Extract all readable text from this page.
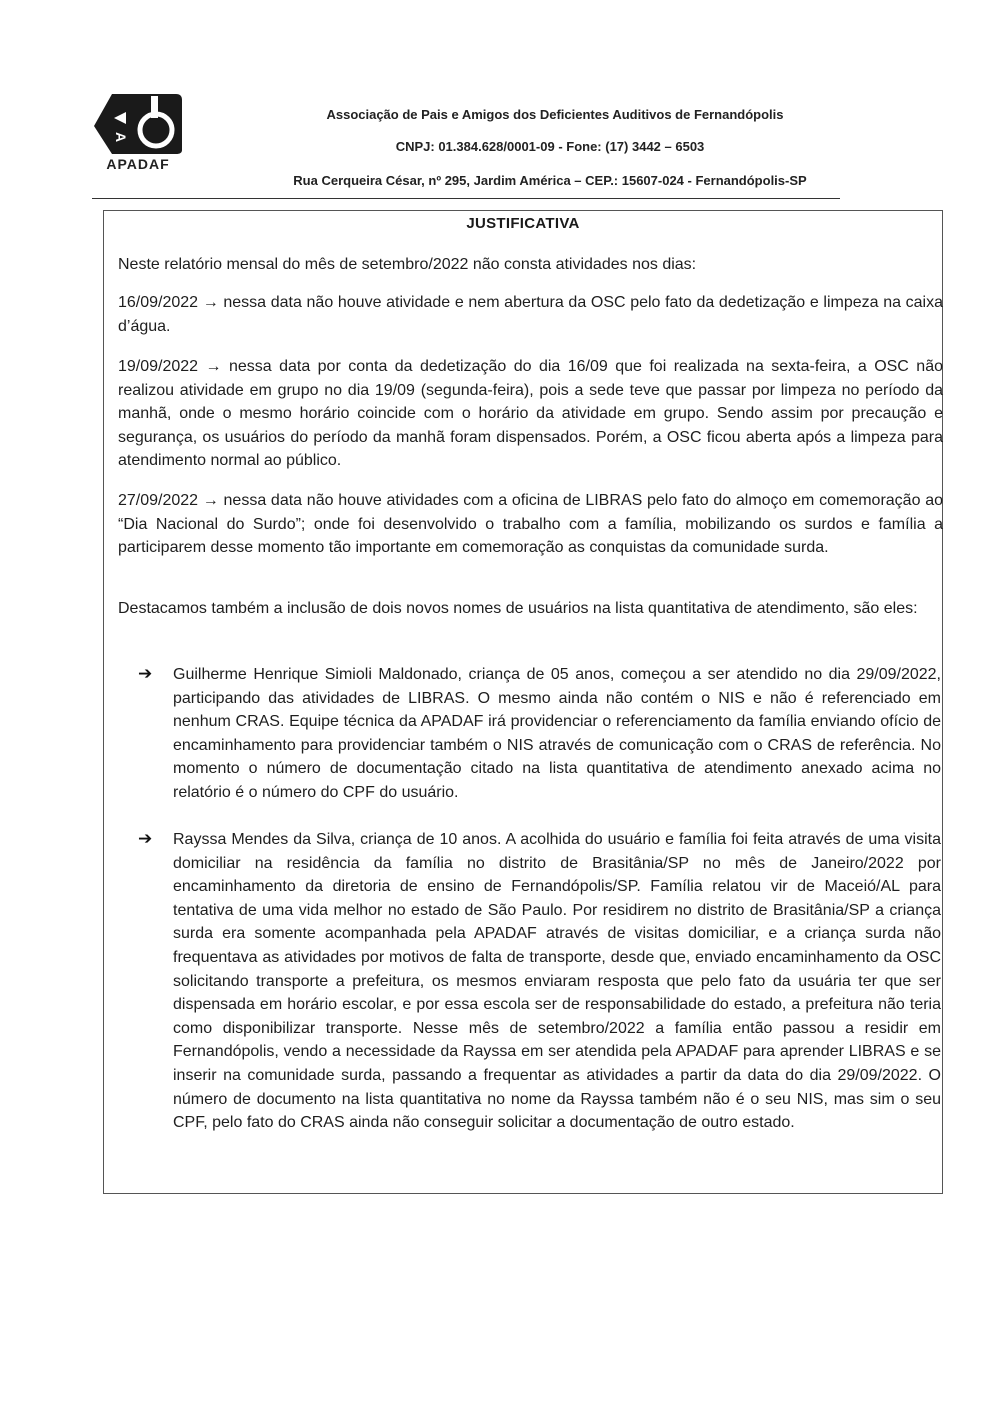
A
APADAF
Associação de Pais e Amigos dos Deficientes Auditivos de Fernandópolis
CNPJ: 01.384.628/0001-09 - Fone: (17) 3442 – 6503
Rua Cerqueira César, nº 295, Jardim América – CEP.: 15607-024 - Fernandópolis-SP
JUSTIFICATIVA
Neste relatório mensal do mês de setembro/2022 não consta atividades nos dias:
16/09/2022 → nessa data não houve atividade e nem abertura da OSC pelo fato da dedetização e limpeza na caixa d’água.
19/09/2022 → nessa data por conta da dedetização do dia 16/09 que foi realizada na sexta-feira, a OSC não realizou atividade em grupo no dia 19/09 (segunda-feira), pois a sede teve que passar por limpeza no período da manhã, onde o mesmo horário coincide com o horário da atividade em grupo. Sendo assim por precaução e segurança, os usuários do período da manhã foram dispensados. Porém, a OSC ficou aberta após a limpeza para atendimento normal ao público.
27/09/2022 → nessa data não houve atividades com a oficina de LIBRAS pelo fato do almoço em comemoração ao “Dia Nacional do Surdo”; onde foi desenvolvido o trabalho com a família, mobilizando os surdos e família a participarem desse momento tão importante em comemoração as conquistas da comunidade surda.
Destacamos também a inclusão de dois novos nomes de usuários na lista quantitativa de atendimento, são eles:
➔ Guilherme Henrique Simioli Maldonado, criança de 05 anos, começou a ser atendido no dia 29/09/2022, participando das atividades de LIBRAS. O mesmo ainda não contém o NIS e não é referenciado em nenhum CRAS. Equipe técnica da APADAF irá providenciar o referenciamento da família enviando ofício de encaminhamento para providenciar também o NIS através de comunicação com o CRAS de referência. No momento o número de documentação citado na lista quantitativa de atendimento anexado acima no relatório é o número do CPF do usuário.
➔ Rayssa Mendes da Silva, criança de 10 anos. A acolhida do usuário e família foi feita através de uma visita domiciliar na residência da família no distrito de Brasitânia/SP no mês de Janeiro/2022 por encaminhamento da diretoria de ensino de Fernandópolis/SP. Família relatou vir de Maceió/AL para tentativa de uma vida melhor no estado de São Paulo. Por residirem no distrito de Brasitânia/SP a criança surda era somente acompanhada pela APADAF através de visitas domiciliar, e a criança surda não frequentava as atividades por motivos de falta de transporte, desde que, enviado encaminhamento da OSC solicitando transporte a prefeitura, os mesmos enviaram resposta que pelo fato da usuária ter que ser dispensada em horário escolar, e por essa escola ser de responsabilidade do estado, a prefeitura não teria como disponibilizar transporte. Nesse mês de setembro/2022 a família então passou a residir em Fernandópolis, vendo a necessidade da Rayssa em ser atendida pela APADAF para aprender LIBRAS e se inserir na comunidade surda, passando a frequentar as atividades a partir da data do dia 29/09/2022. O número de documento na lista quantitativa no nome da Rayssa também não é o seu NIS, mas sim o seu CPF, pelo fato do CRAS ainda não conseguir solicitar a documentação de outro estado.
